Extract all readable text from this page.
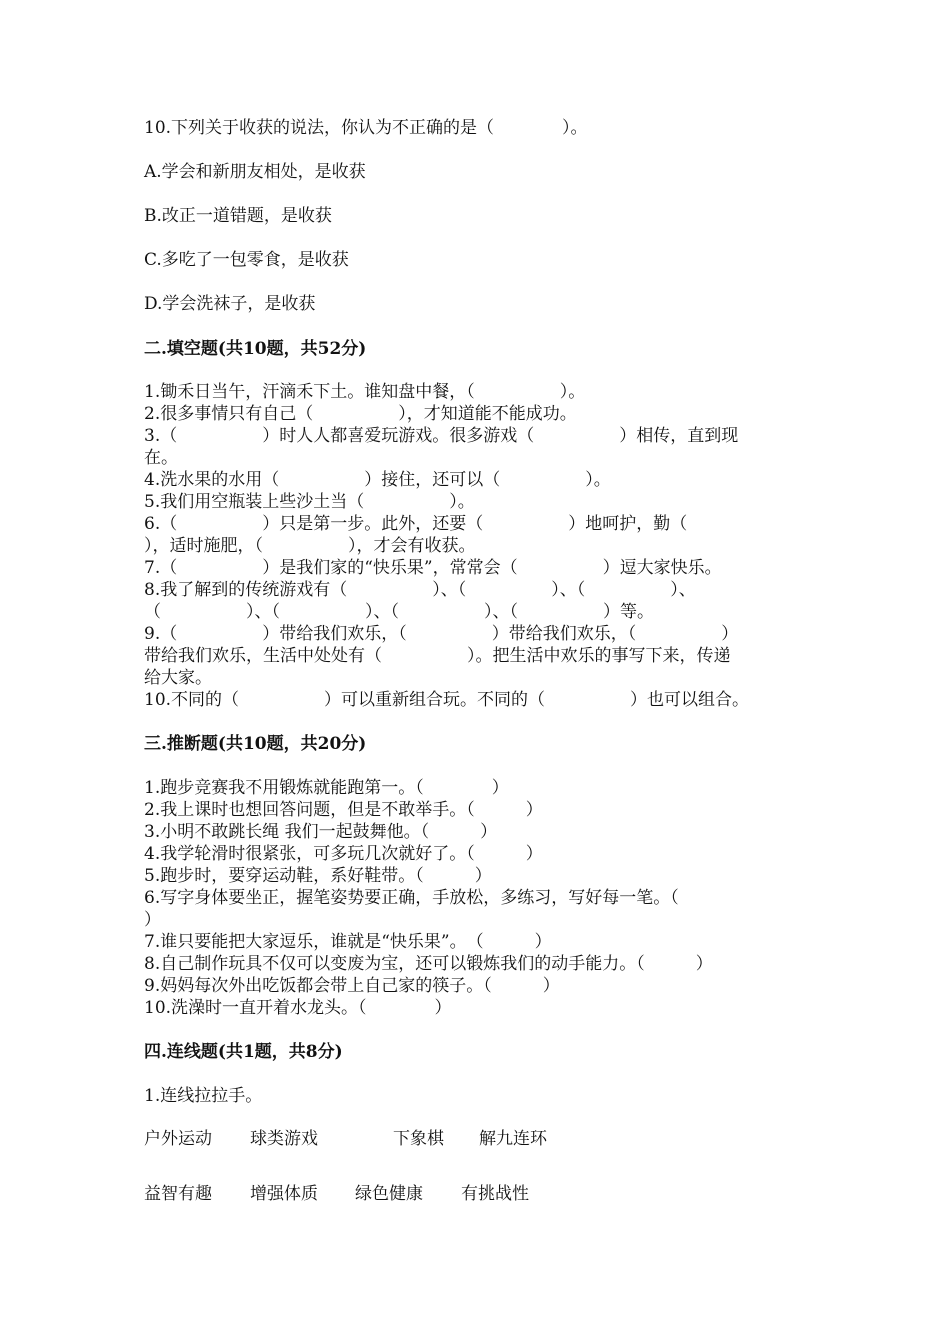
10.下列关于收获的说法，你认为不正确的是（　　　　）。
A.学会和新朋友相处，是收获
B.改正一道错题，是收获
C.多吃了一包零食，是收获
D.学会洗袜子，是收获
二.填空题(共10题，共52分)
1.锄禾日当午，汗滴禾下土。谁知盘中餐，（　　　　　）。
2.很多事情只有自己（　　　　　），才知道能不能成功。
3.（　　　　　）时人人都喜爱玩游戏。很多游戏（　　　　　）相传，直到现
在。
4.洗水果的水用（　　　　　）接住，还可以（　　　　　）。
5.我们用空瓶装上些沙土当（　　　　　）。
6.（　　　　　）只是第一步。此外，还要（　　　　　）地呵护，勤（
），适时施肥，（　　　　　），才会有收获。
7.（　　　　　）是我们家的“快乐果”，常常会（　　　　　）逗大家快乐。
8.我了解到的传统游戏有（　　　　　）、（　　　　　）、（　　　　　）、
（　　　　　）、（　　　　　）、（　　　　　）、（　　　　　）等。
9.（　　　　　）带给我们欢乐，（　　　　　）带给我们欢乐，（　　　　　）
带给我们欢乐，生活中处处有（　　　　　）。把生活中欢乐的事写下来，传递
给大家。
10.不同的（　　　　　）可以重新组合玩。不同的（　　　　　）也可以组合。
三.推断题(共10题，共20分)
1.跑步竞赛我不用锻炼就能跑第一。（　　　　）
2.我上课时也想回答问题，但是不敢举手。（　　　）
3.小明不敢跳长绳 我们一起鼓舞他。（　　　）
4.我学轮滑时很紧张，可多玩几次就好了。（　　　）
5.跑步时，要穿运动鞋，系好鞋带。（　　　）
6.写字身体要坐正，握笔姿势要正确，手放松，多练习，写好每一笔。（
）
7.谁只要能把大家逗乐，谁就是“快乐果”。　（　　　）
8.自己制作玩具不仅可以变废为宝，还可以锻炼我们的动手能力。（　　　）
9.妈妈每次外出吃饭都会带上自己家的筷子。（　　　）
10.洗澡时一直开着水龙头。（　　　　）
四.连线题(共1题，共8分)
1.连线拉拉手。
户外运动 球类游戏	下象棋 解九连环
益智有趣 增强体质 绿色健康 有挑战性
